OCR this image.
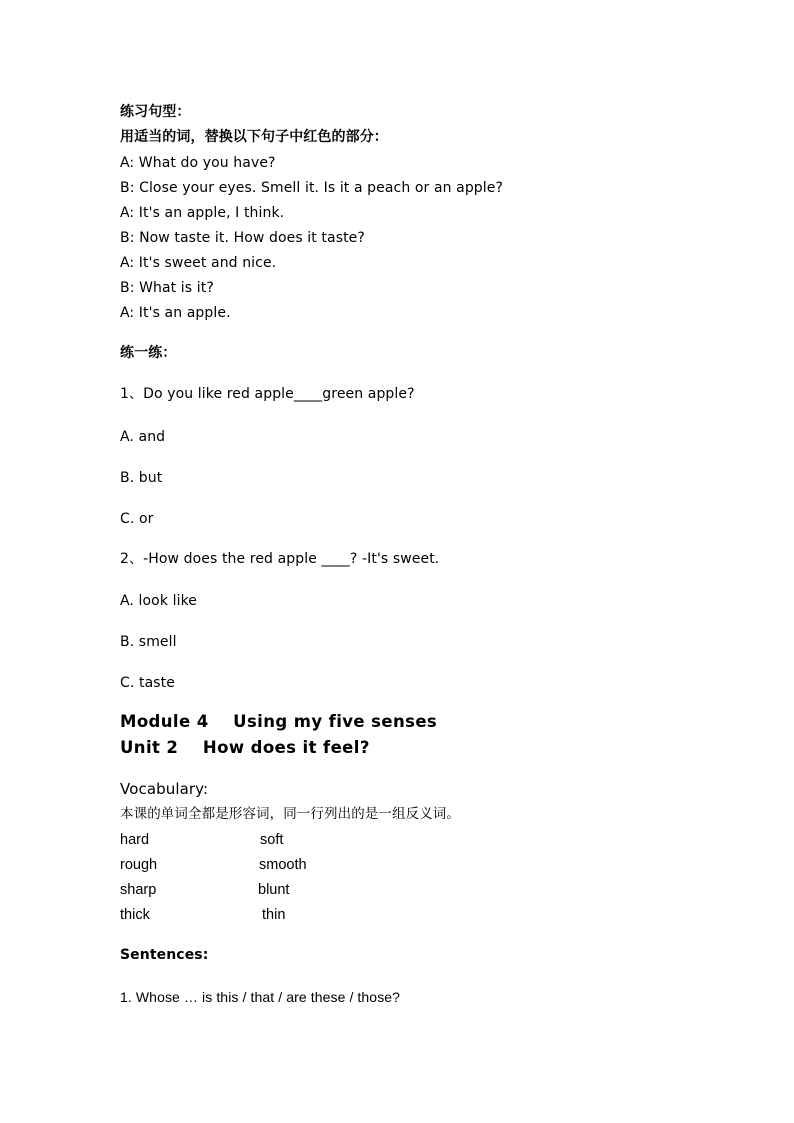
练习句型：
用适当的词，替换以下句子中红色的部分：
A: What do you have?
B: Close your eyes. Smell it. Is it a peach or an apple?
A: It's an apple, I think.
B: Now taste it. How does it taste?
A: It's sweet and nice.
B: What is it?
A: It's an apple.
练一练：
1、Do you like red apple____green apple?
A. and
B. but
C. or
2、-How does the red apple ____? -It's sweet.
A. look like
B. smell
C. taste
Module 4    Using my five senses
Unit 2    How does it feel?
Vocabulary:
本课的单词全都是形容词，同一行列出的是一组反义词。
hard	soft
rough	smooth
sharp	blunt
thick	thin
Sentences:
1. Whose … is this / that / are these / those?
